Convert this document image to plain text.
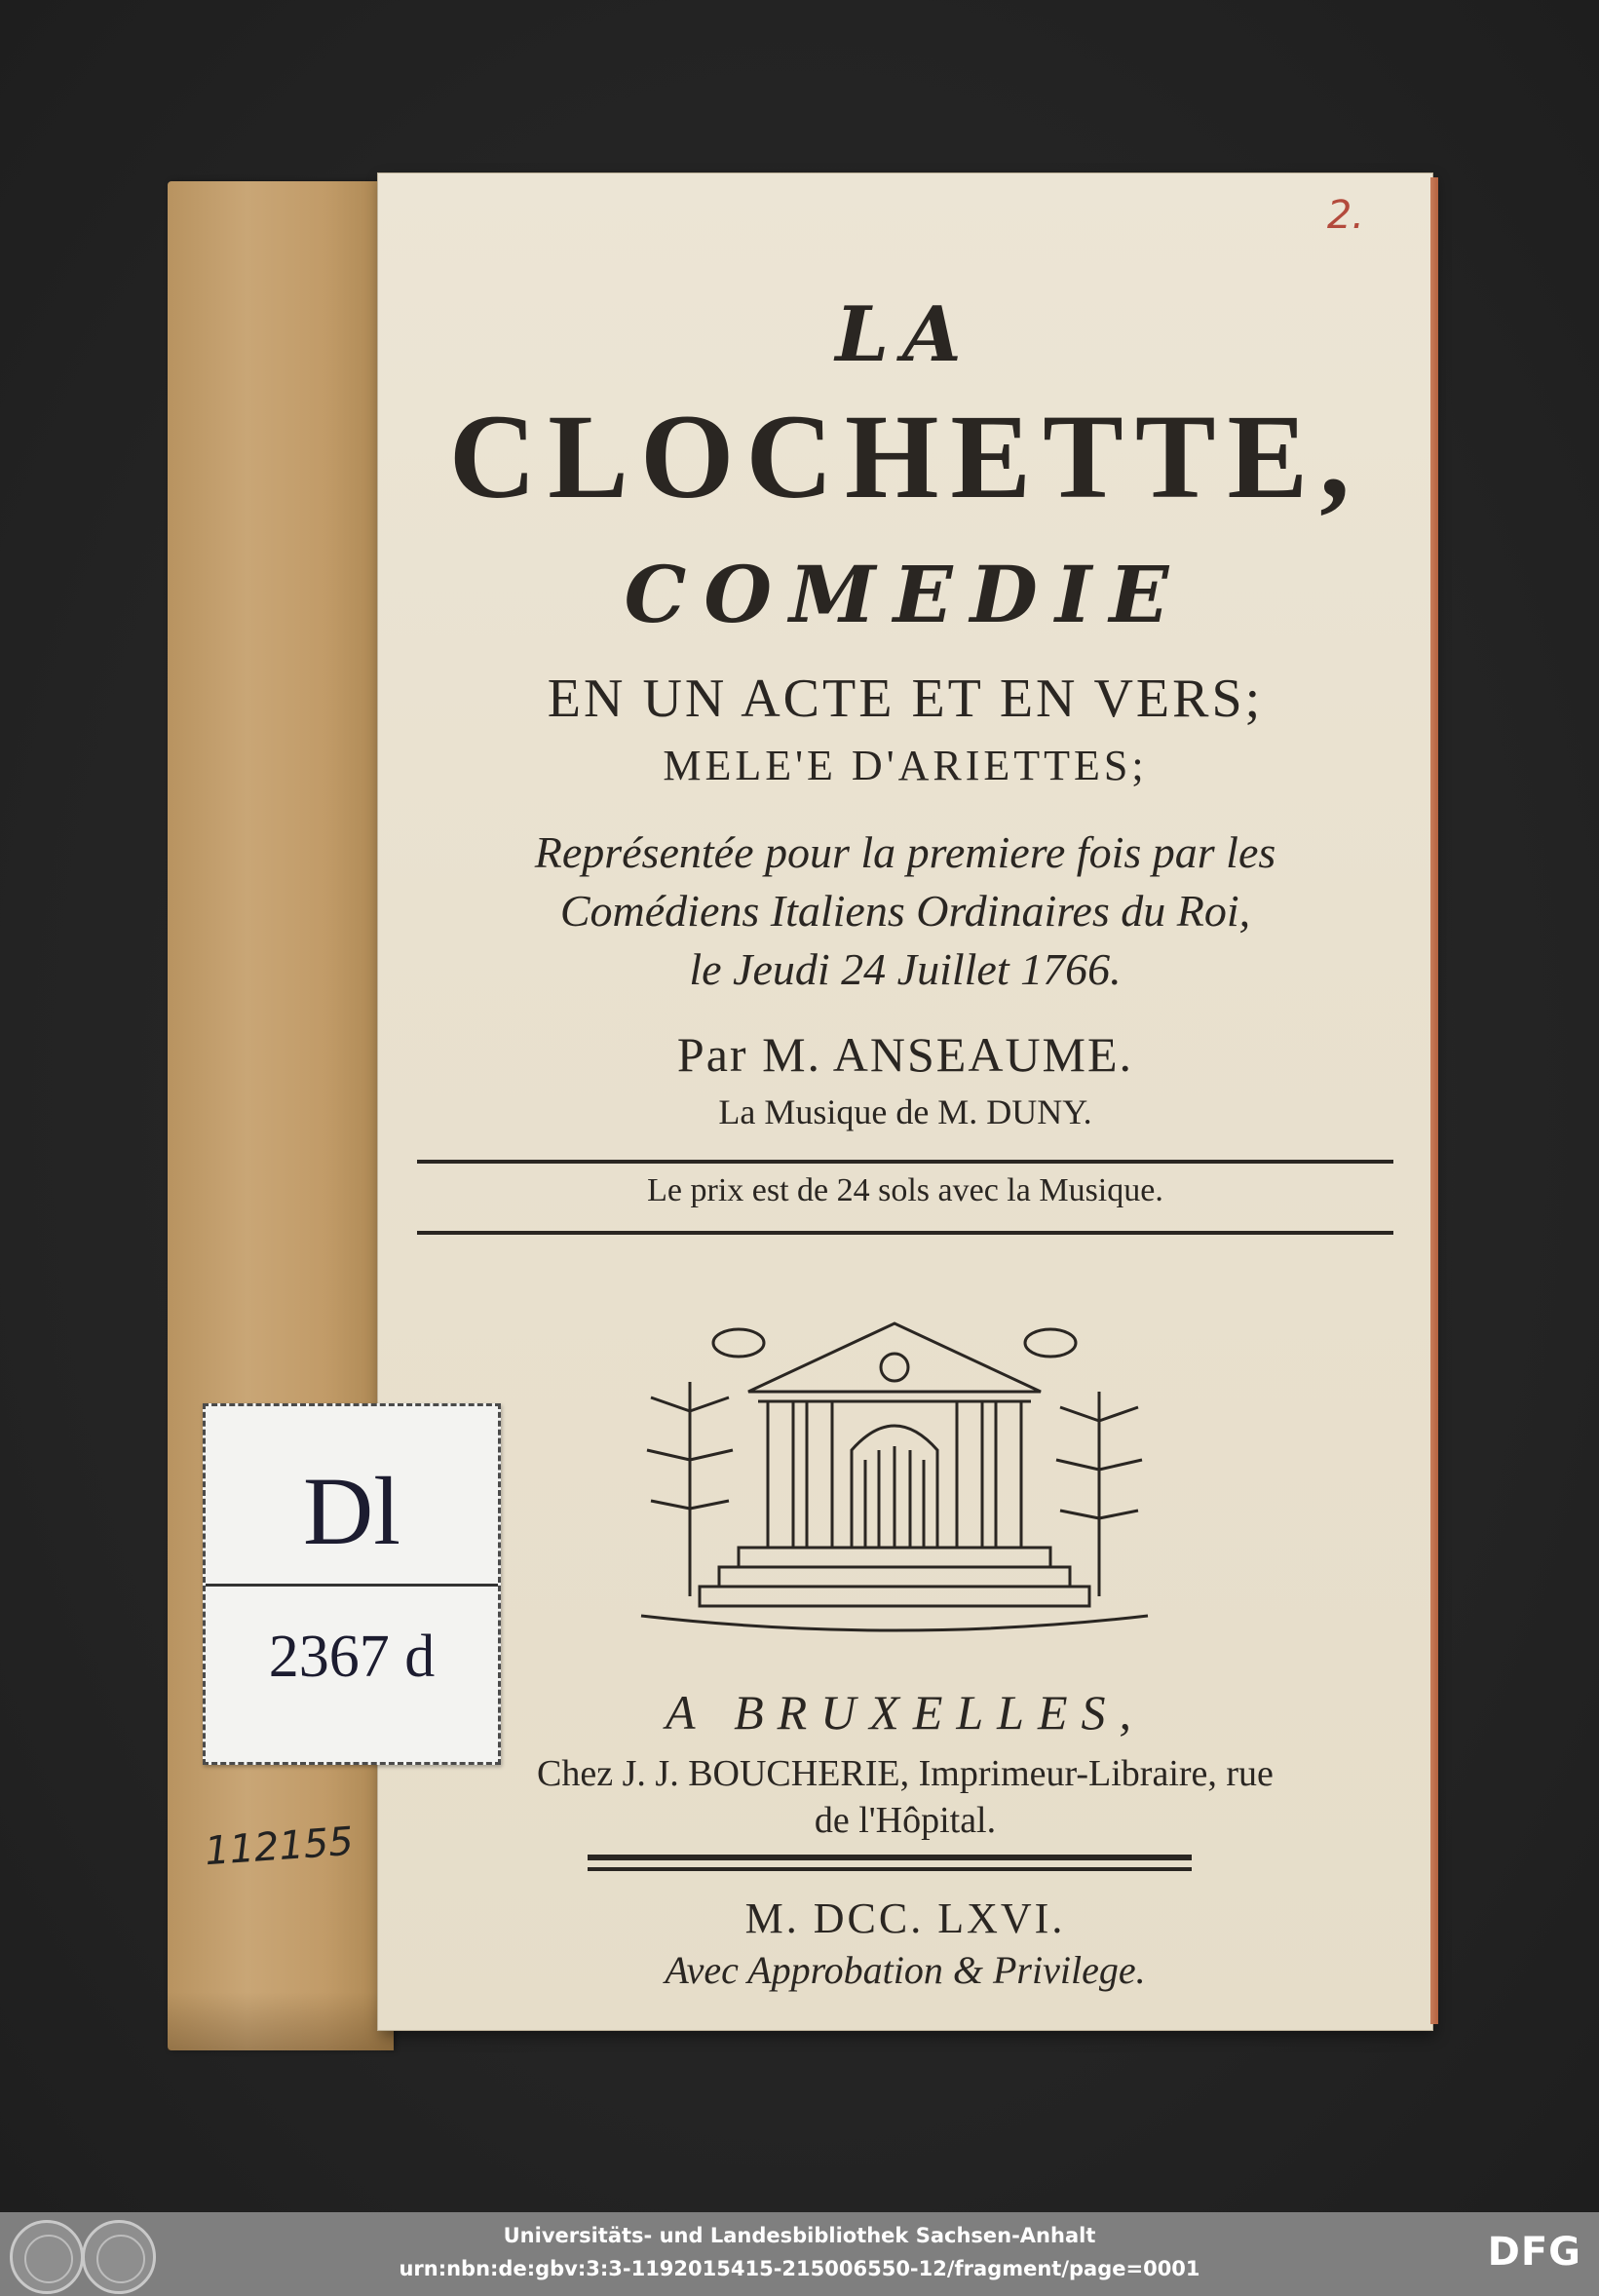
2.
LA
CLOCHETTE,
COMEDIE
EN UN ACTE ET EN VERS;
MELE'E D'ARIETTES;
Représentée pour la premiere fois par les
Comédiens Italiens Ordinaires du Roi,
le Jeudi 24 Juillet 1766.
Par M. ANSEAUME.
La Musique de M. DUNY.
Le prix est de 24 sols avec la Musique.
A BRUXELLES,
Chez J. J. BOUCHERIE, Imprimeur-Libraire, rue
de l'Hôpital.
M. DCC. LXVI.
Avec Approbation & Privilege.
Dl
2367 d
112155
Universitäts- und Landesbibliothek Sachsen-Anhalt
urn:nbn:de:gbv:3:3-1192015415-215006550-12/fragment/page=0001	DFG
